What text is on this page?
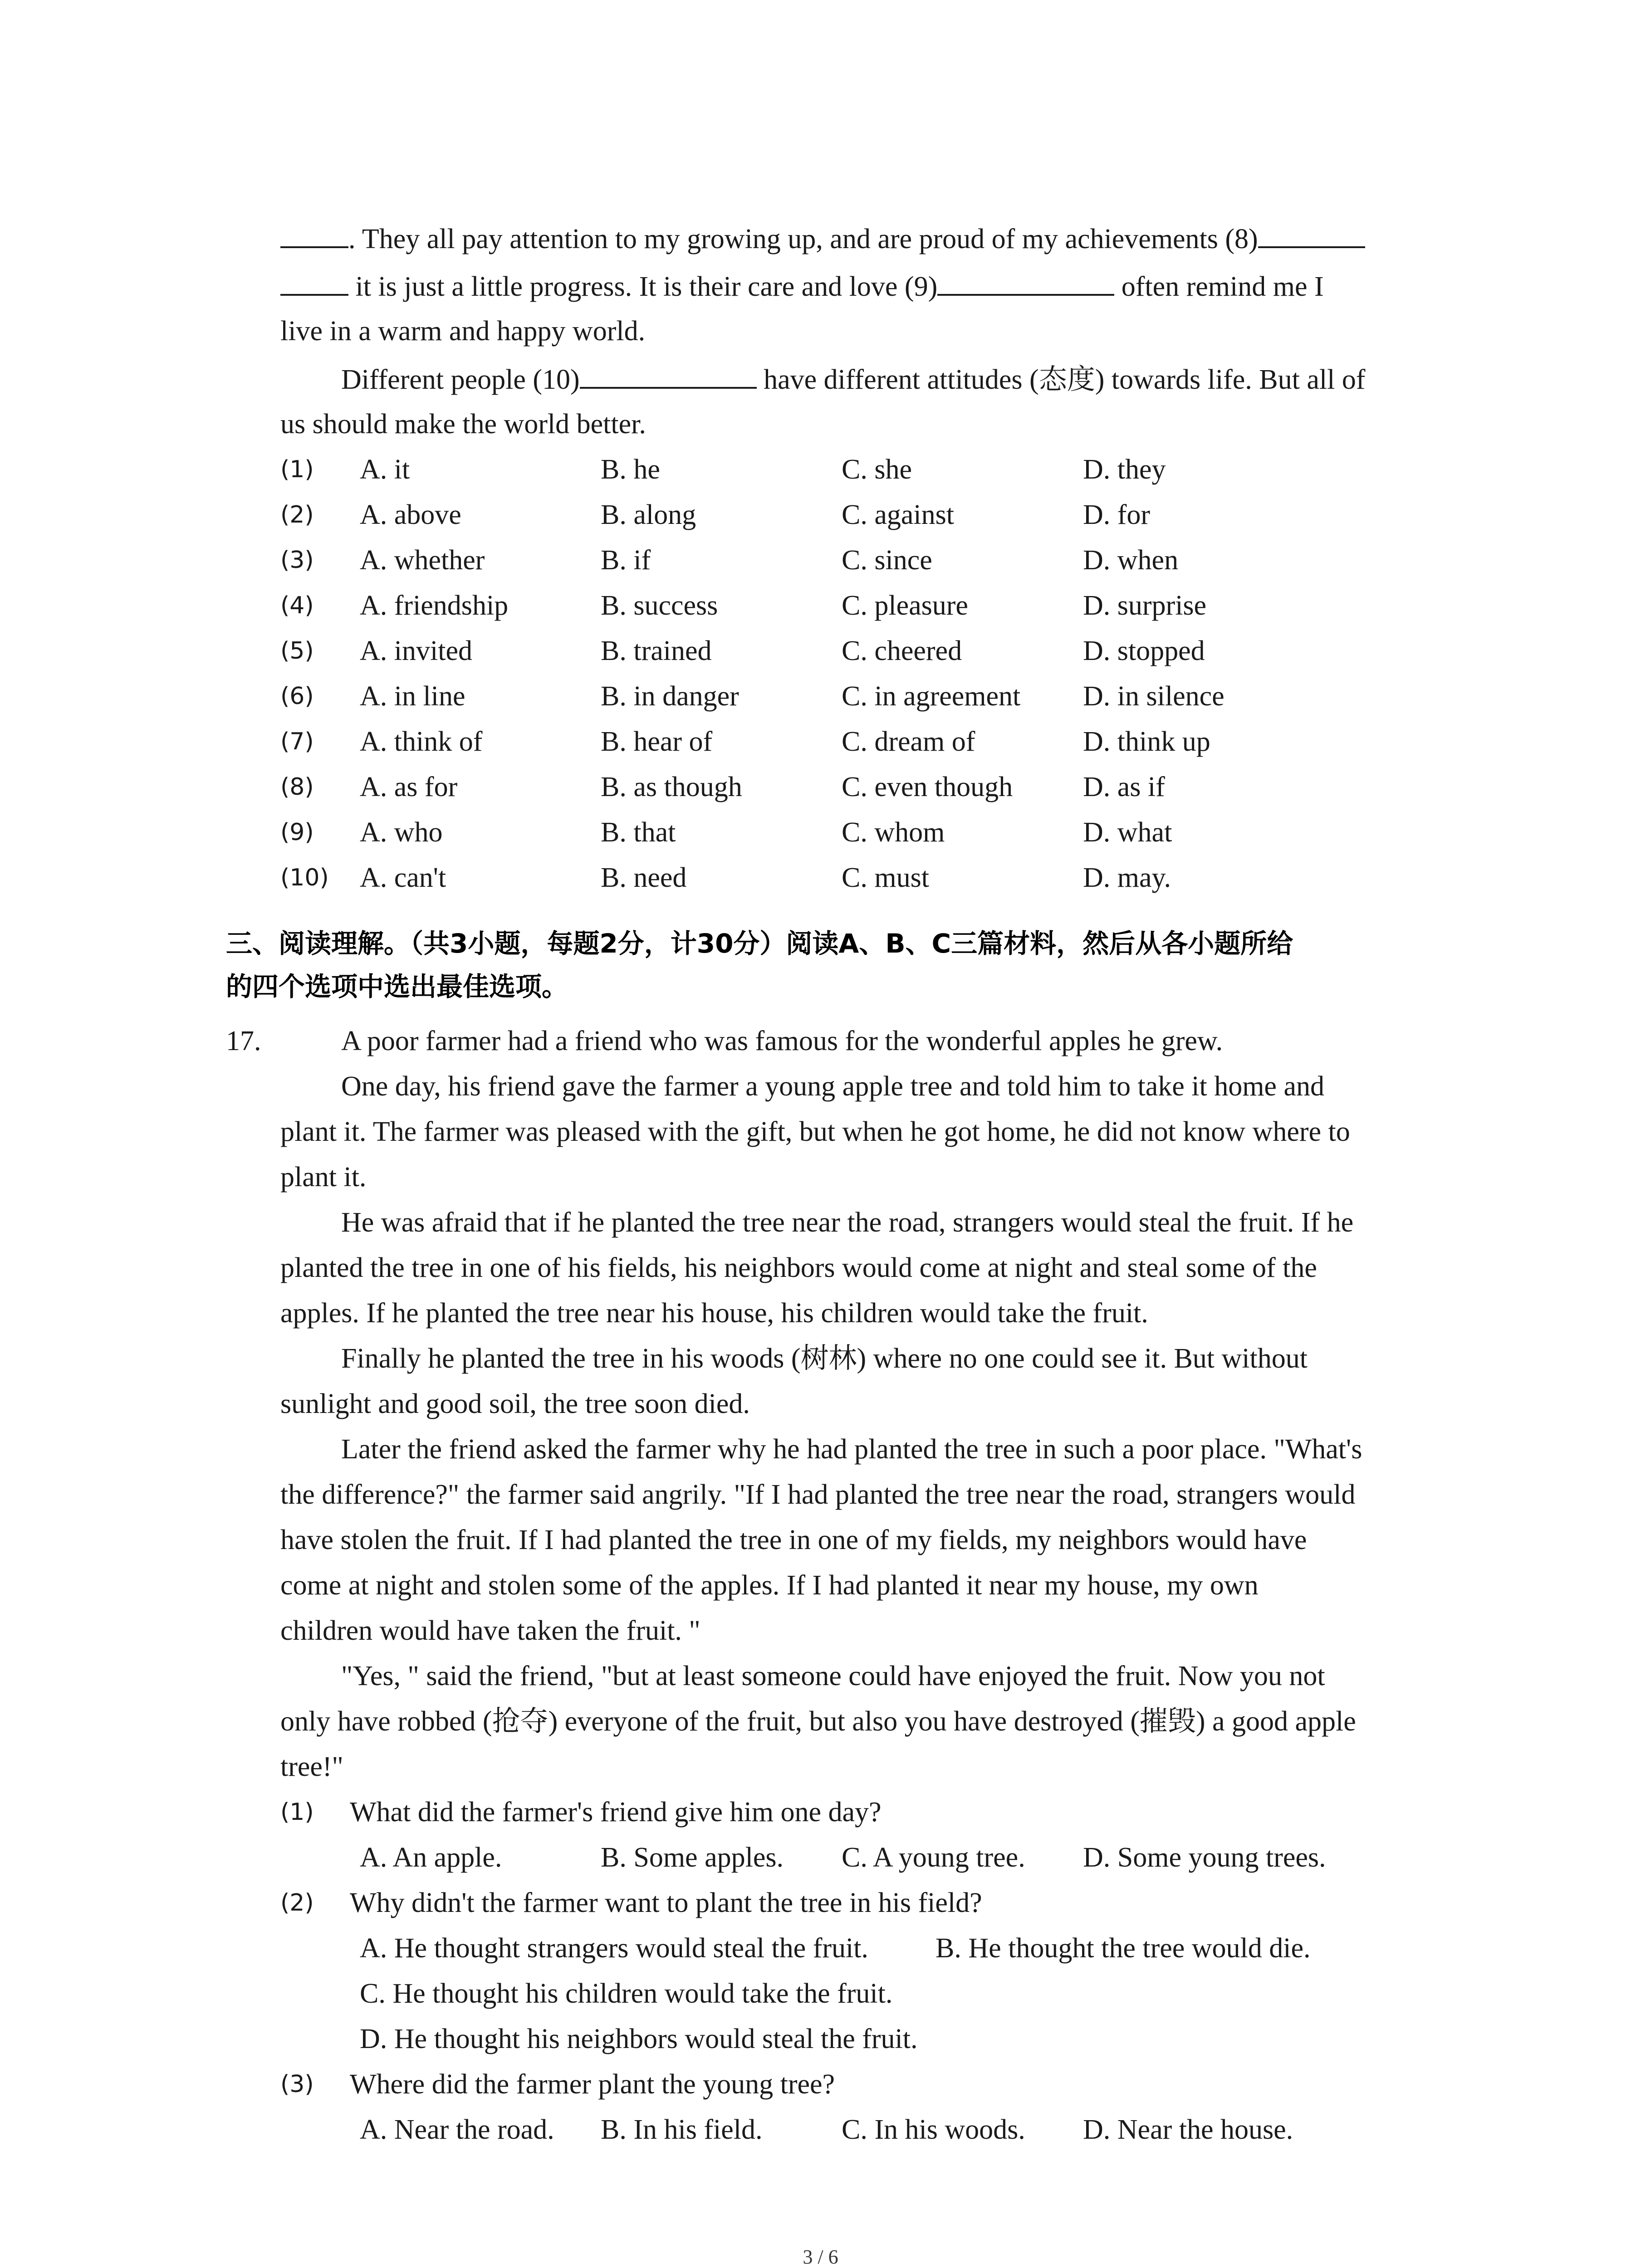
. They all pay attention to my growing up, and are proud of my achievements (8)
it is just a little progress. It is their care and love (9)	often remind me I
live in a warm and happy world.
Different people (10)	have different attitudes (态度) towards life. But all of
us should make the world better.
(1) A. it	B. he	C. she	D. they
(2) A. above	B. along	C. against	D. for
(3) A. whether	B. if	C. since	D. when
(4) A. friendship	B. success	C. pleasure	D. surprise
(5) A. invited	B. trained	C. cheered	D. stopped
(6) A. in line	B. in danger	C. in agreement D. in silence
(7) A. think of	B. hear of	C. dream of	D. think up
(8) A. as for	B. as though	C. even though D. as if
(9) A. who	B. that	C. whom	D. what
(10) A. can't	B. need	C. must	D. may.
三、阅读理解。（共3小题，每题2分，计30分）阅读A、B、C三篇材料，然后从各小题所给
的四个选项中选出最佳选项。
17.	A poor farmer had a friend who was famous for the wonderful apples he grew.
One day, his friend gave the farmer a young apple tree and told him to take it home and
plant it. The farmer was pleased with the gift, but when he got home, he did not know where to
plant it.
He was afraid that if he planted the tree near the road, strangers would steal the fruit. If he
planted the tree in one of his fields, his neighbors would come at night and steal some of the
apples. If he planted the tree near his house, his children would take the fruit.
Finally he planted the tree in his woods (树林) where no one could see it. But without
sunlight and good soil, the tree soon died.
Later the friend asked the farmer why he had planted the tree in such a poor place. "What's
the difference?" the farmer said angrily. "If I had planted the tree near the road, strangers would
have stolen the fruit. If I had planted the tree in one of my fields, my neighbors would have
come at night and stolen some of the apples. If I had planted it near my house, my own
children would have taken the fruit. "
"Yes, " said the friend, "but at least someone could have enjoyed the fruit. Now you not
only have robbed (抢夺) everyone of the fruit, but also you have destroyed (摧毁) a good apple
tree!"
(1) What did the farmer's friend give him one day?
A. An apple.	B. Some apples. C. A young tree. D. Some young trees.
(2) Why didn't the farmer want to plant the tree in his field?
A. He thought strangers would steal the fruit. B. He thought the tree would die.
C. He thought his children would take the fruit.
D. He thought his neighbors would steal the fruit.
(3) Where did the farmer plant the young tree?
A. Near the road. B. In his field.	C. In his woods. D. Near the house.
3 / 6
